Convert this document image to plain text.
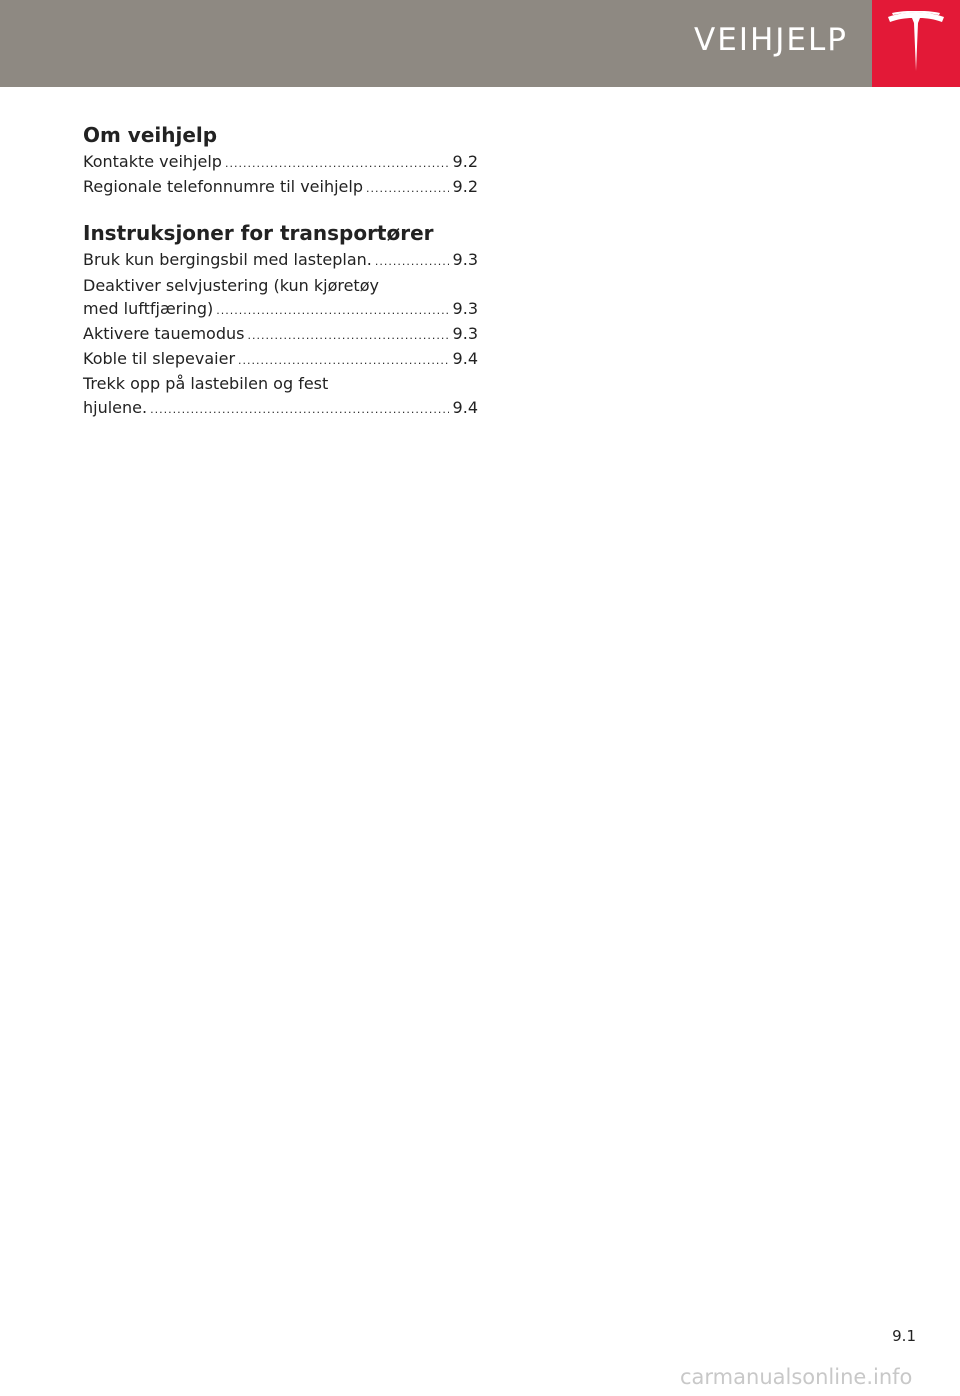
VEIHJELP
Om veihjelp
Kontakte veihjelp .....	9.2
Regionale telefonnumre til veihjelp .....	9.2
Instruksjoner for transportører
Bruk kun bergingsbil med lasteplan. .....	9.3
Deaktiver selvjustering (kun kjøretøy
med luftfjæring) .....	9.3
Aktivere tauemodus .....	9.3
Koble til slepevaier .....	9.4
Trekk opp på lastebilen og fest
hjulene. .....	9.4
9.1
carmanualsonline.info
